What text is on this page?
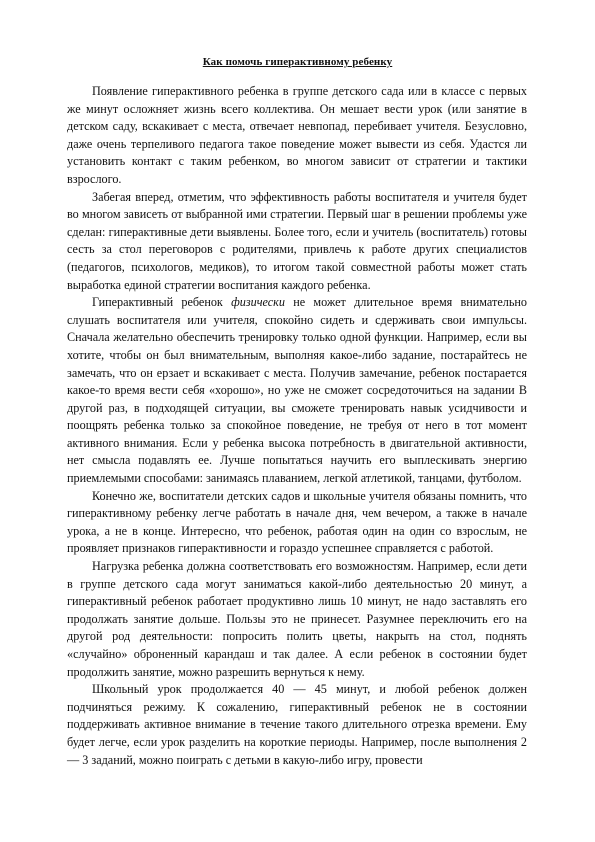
Как помочь гиперактивному ребенку

Появление гиперактивного ребенка в группе детского сада или в классе с первых же минут осложняет жизнь всего коллектива. Он мешает вести урок (или занятие в детском саду, вскакивает с места, отвечает невпопад, перебивает учителя. Безусловно, даже очень терпеливого педагога такое поведение может вывести из себя. Удастся ли установить контакт с таким ребенком, во многом зависит от стратегии и тактики взрослого.

Забегая вперед, отметим, что эффективность работы воспитателя и учителя будет во многом зависеть от выбранной ими стратегии. Первый шаг в решении проблемы уже сделан: гиперактивные дети выявлены. Более того, если и учитель (воспитатель) готовы сесть за стол переговоров с родителями, привлечь к работе других специалистов (педагогов, психологов, медиков), то итогом такой совместной работы может стать выработка единой стратегии воспитания каждого ребенка.

Гиперактивный ребенок физически не может длительное время внимательно слушать воспитателя или учителя, спокойно сидеть и сдерживать свои импульсы. Сначала желательно обеспечить тренировку только одной функции. Например, если вы хотите, чтобы он был внимательным, выполняя какое-либо задание, постарайтесь не замечать, что он ерзает и вскакивает с места. Получив замечание, ребенок постарается какое-то время вести себя «хорошо», но уже не сможет сосредоточиться на задании В другой раз, в подходящей ситуации, вы сможете тренировать навык усидчивости и поощрять ребенка только за спокойное поведение, не требуя от него в тот момент активного внимания. Если у ребенка высока потребность в двигательной активности, нет смысла подавлять ее. Лучше попытаться научить его выплескивать энергию приемлемыми способами: занимаясь плаванием, легкой атлетикой, танцами, футболом.

Конечно же, воспитатели детских садов и школьные учителя обязаны помнить, что гиперактивному ребенку легче работать в начале дня, чем вечером, а также в начале урока, а не в конце. Интересно, что ребенок, работая один на один со взрослым, не проявляет признаков гиперактивности и гораздо успешнее справляется с работой.

Нагрузка ребенка должна соответствовать его возможностям. Например, если дети в группе детского сада могут заниматься какой-либо деятельностью 20 минут, а гиперактивный ребенок работает продуктивно лишь 10 минут, не надо заставлять его продолжать занятие дольше. Пользы это не принесет. Разумнее переключить его на другой род деятельности: попросить полить цветы, накрыть на стол, поднять «случайно» оброненный карандаш и так далее. А если ребенок в состоянии будет продолжить занятие, можно разрешить вернуться к нему.

Школьный урок продолжается 40 — 45 минут, и любой ребенок должен подчиняться режиму. К сожалению, гиперактивный ребенок не в состоянии поддерживать активное внимание в течение такого длительного отрезка времени. Ему будет легче, если урок разделить на короткие периоды. Например, после выполнения 2 — 3 заданий, можно поиграть с детьми в какую-либо игру, провести
